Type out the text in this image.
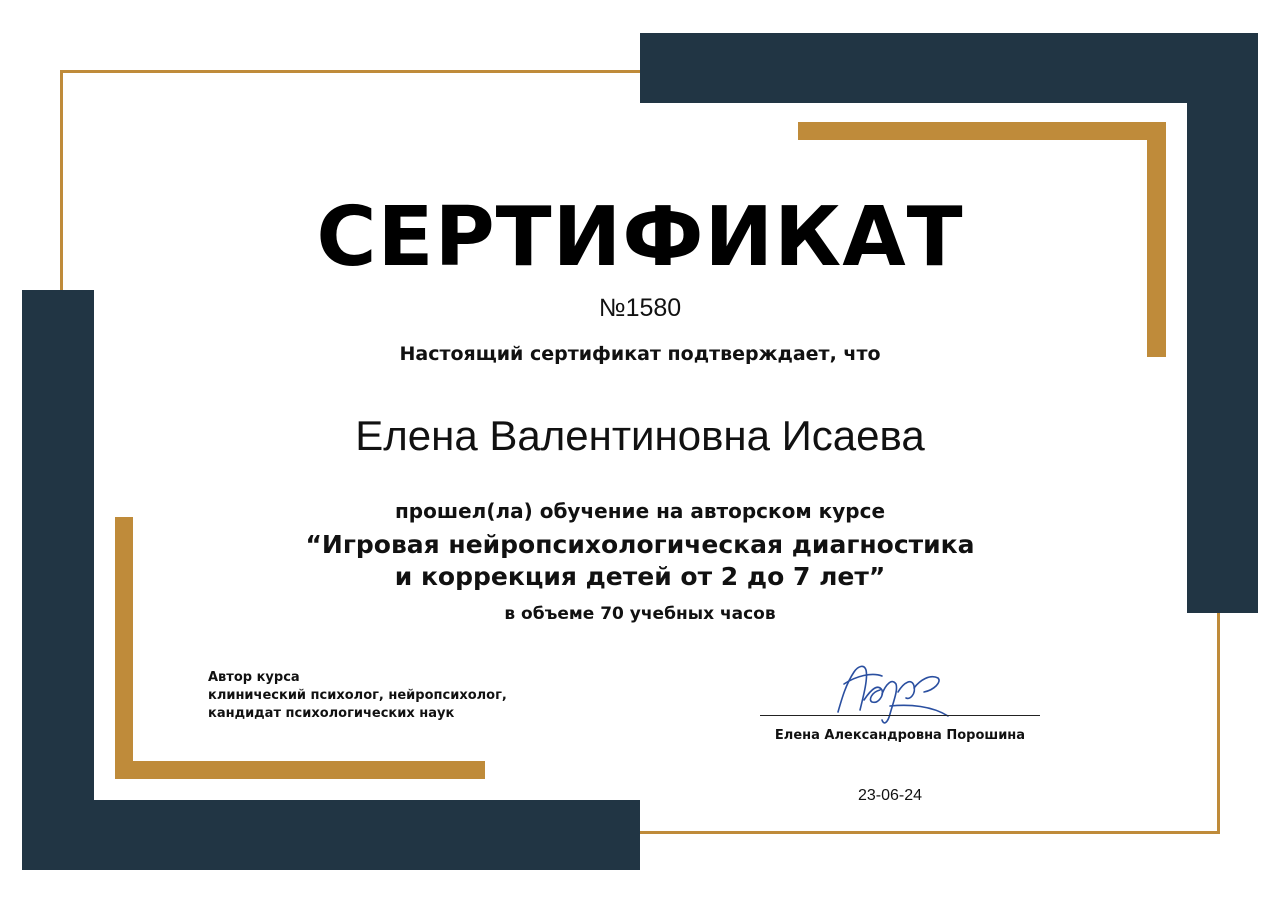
СЕРТИФИКАТ
№1580
Настоящий сертификат подтверждает, что
Елена Валентиновна Исаева
прошел(ла) обучение на авторском курсе
“Игровая нейропсихологическая диагностика
и коррекция детей от 2 до 7 лет”
в объеме 70 учебных часов
Автор курса
клинический психолог, нейропсихолог,
кандидат психологических наук
Елена Александровна Порошина
23-06-24
